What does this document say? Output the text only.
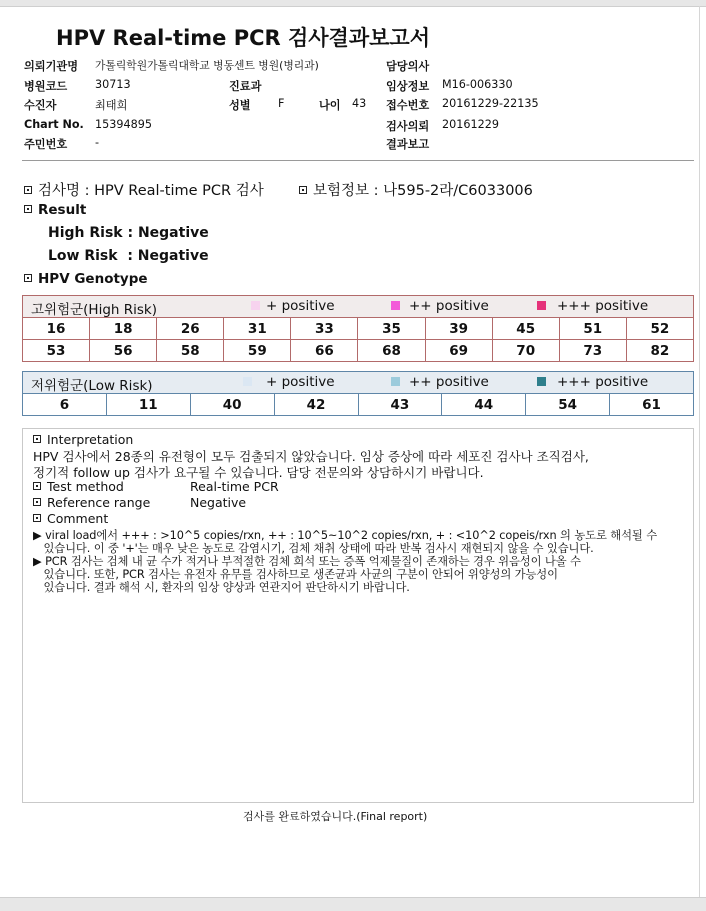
HPV Real-time PCR 검사결과보고서
의뢰기관명 가톨릭학원가톨릭대학교 병동센트 병원(병리과)	담당의사
병원코드 30713	진료과	임상정보 M16-006330
수진자	최태희	성별 F	나이 43 접수번호 20161229-22135
Chart No. 15394895	검사의뢰 20161229
주민번호 -	결과보고
검사명 : HPV Real-time PCR 검사	보험정보 : 나595-2라/C6033006
Result
High Risk : Negative
Low Risk  : Negative
HPV Genotype
고위험군(High Risk) + positive ++ positive +++ positive									

16	18	26	31	33	35	39	45	51	52
53	56	58	59	66	68	69	70	73	82
저위험군(Low Risk)	+ positive	++ positive	+++ positive

6	11	40	42	43	44	54	61
Interpretation
HPV 검사에서 28종의 유전형이 모두 검출되지 않았습니다. 임상 증상에 따라 세포진 검사나 조직검사,
정기적 follow up 검사가 요구될 수 있습니다. 담당 전문의와 상담하시기 바랍니다.
Test method	Real-time PCR
Reference range	Negative
Comment
▶ viral load에서 +++ : >10^5 copies/rxn, ++ : 10^5~10^2 copies/rxn, + : <10^2 copeis/rxn 의 농도로 해석될 수
있습니다. 이 중 '+'는 매우 낮은 농도로 감염시기, 검체 채취 상태에 따라 반복 검사시 재현되지 않을 수 있습니다.
▶ PCR 검사는 검체 내 균 수가 적거나 부적절한 검체 희석 또는 증폭 억제물질이 존재하는 경우 위음성이 나올 수
있습니다. 또한, PCR 검사는 유전자 유무를 검사하므로 생존균과 사균의 구분이 안되어 위양성의 가능성이
있습니다. 결과 해석 시, 환자의 임상 양상과 연관지어 판단하시기 바랍니다.
검사를 완료하였습니다.(Final report)
